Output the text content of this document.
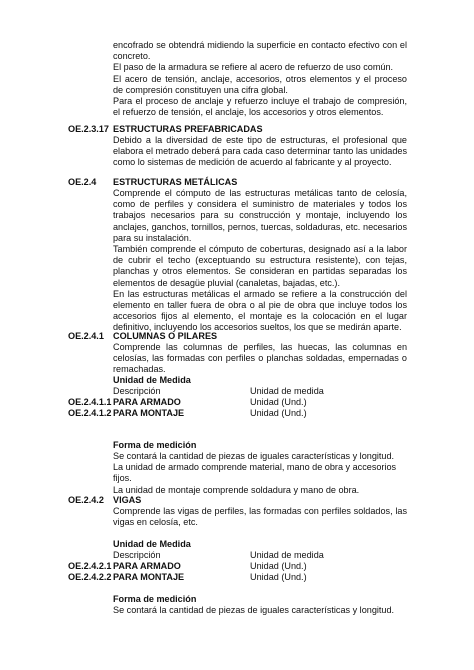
encofrado se obtendrá midiendo la superficie en contacto efectivo con el concreto.

El paso de la armadura se refiere al acero de refuerzo de uso común.

El acero de tensión, anclaje, accesorios, otros elementos y el proceso de compresión constituyen una cifra global.

Para el proceso de anclaje y refuerzo incluye el trabajo de compresión, el refuerzo de tensión, el anclaje, los accesorios y otros elementos.

OE.2.3.17 ESTRUCTURAS PREFABRICADAS

Debido a la diversidad de este tipo de estructuras, el profesional que elabora el metrado deberá para cada caso determinar tanto las unidades como lo sistemas de medición de acuerdo al fabricante y al proyecto.

OE.2.4 ESTRUCTURAS METÁLICAS

Comprende el cómputo de las estructuras metálicas tanto de celosía, como de perfiles y considera el suministro de materiales y todos los trabajos necesarios para su construcción y montaje, incluyendo los anclajes, ganchos, tornillos, pernos, tuercas, soldaduras, etc. necesarios para su instalación.

También comprende el cómputo de coberturas, designado así a la labor de cubrir el techo (exceptuando su estructura resistente), con tejas, planchas y otros elementos. Se consideran en partidas separadas los elementos de desagüe pluvial (canaletas, bajadas, etc.).

En las estructuras metálicas el armado se refiere a la construcción del elemento en taller fuera de obra o al pie de obra que incluye todos los accesorios fijos al elemento, el montaje es la colocación en el lugar definitivo, incluyendo los accesorios sueltos, los que se medirán aparte.

OE.2.4.1 COLUMNAS O PILARES

Comprende las columnas de perfiles, las huecas, las columnas en celosías, las formadas con perfiles o planchas soldadas, empernadas o remachadas.

Unidad de Medida
Descripción	Unidad de medida
OE.2.4.1.1 PARA ARMADO	Unidad (Und.)
OE.2.4.1.2 PARA MONTAJE	Unidad (Und.)
Forma de medición
Se contará la cantidad de piezas de iguales características y longitud.
La unidad de armado comprende material, mano de obra y accesorios fijos.
La unidad de montaje comprende soldadura y mano de obra.
OE.2.4.2 VIGAS

Comprende las vigas de perfiles, las formadas con perfiles soldados, las vigas en celosía, etc.

Unidad de Medida
Descripción	Unidad de medida
OE.2.4.2.1 PARA ARMADO	Unidad (Und.)
OE.2.4.2.2 PARA MONTAJE	Unidad (Und.)
Forma de medición
Se contará la cantidad de piezas de iguales características y longitud.
